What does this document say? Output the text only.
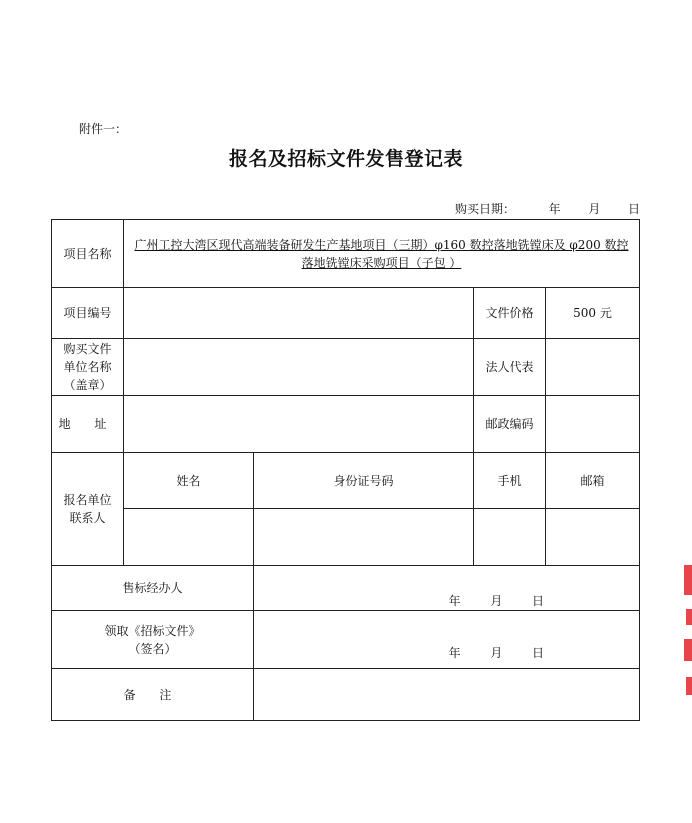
附件一：
报名及招标文件发售登记表
购买日期：	年 月 日
项目名称	广州工控大湾区现代高端装备研发生产基地项目（三期）φ160 数控落地铣镗床及 φ200 数控
落地铣镗床采购项目（子包 ）			

项目编号			文件价格	500 元

购买文件
单位名称
（盖章）			法人代表	
地 址			邮政编码	

报名单位
联系人	姓名	身份证号码	手机	邮箱

售标经办人		年 月 日		

领取《招标文件》
（签名）		年 月 日		

备 注				
